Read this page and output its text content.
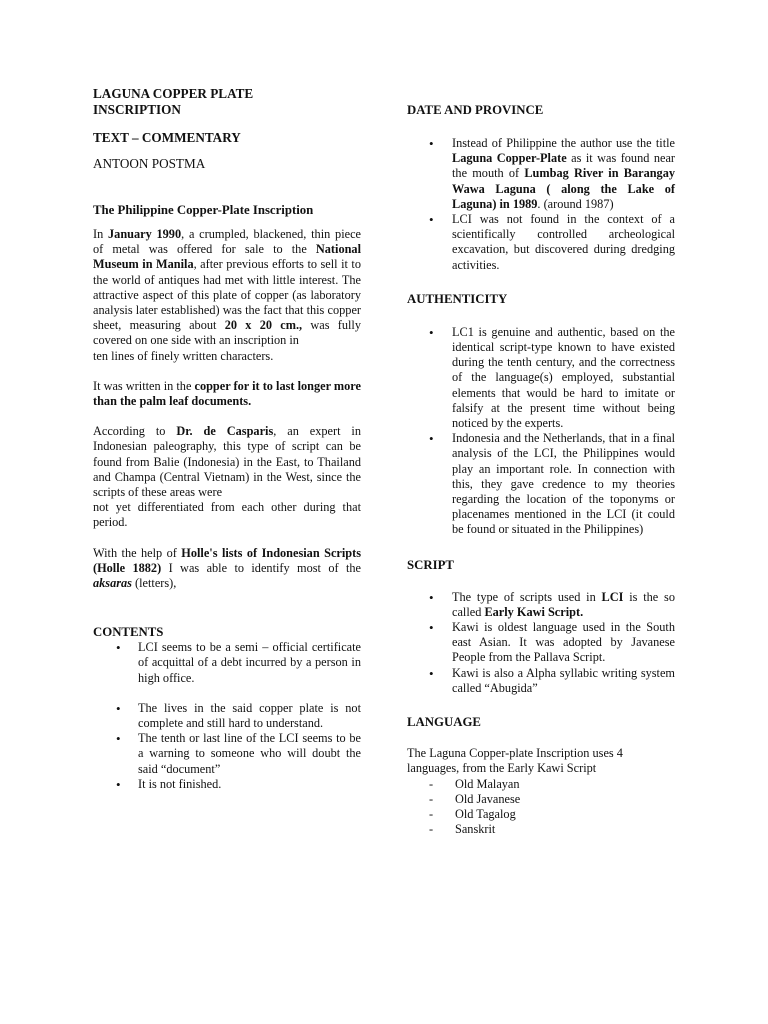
LAGUNA COPPER PLATE
INSCRIPTION
TEXT – COMMENTARY
ANTOON POSTMA
The Philippine Copper-Plate Inscription

In January 1990, a crumpled, blackened, thin piece of metal was offered for sale to the National Museum in Manila, after previous efforts to sell it to the world of antiques had met with little interest. The attractive aspect of this plate of copper (as laboratory analysis later established) was the fact that this copper sheet, measuring about 20 x 20 cm., was fully covered on one side with an inscription in

ten lines of finely written characters.

It was written in the copper for it to last longer more than the palm leaf documents.

According to Dr. de Casparis, an expert in Indonesian paleography, this type of script can be found from Balie (Indonesia) in the East, to Thailand and Champa (Central Vietnam) in the West, since the scripts of these areas were

not yet differentiated from each other during that period.

With the help of Holle's lists of Indonesian Scripts (Holle 1882) I was able to identify most of the aksaras (letters),

CONTENTS
• LCI seems to be a semi – official certificate of acquittal of a debt incurred by a person in high office.
• The lives in the said copper plate is not complete and still hard to understand.
• The tenth or last line of the LCI seems to be a warning to someone who will doubt the said “document”
• It is not finished.
DATE AND PROVINCE
• Instead of Philippine the author use the title Laguna Copper-Plate as it was found near the mouth of Lumbag River in Barangay Wawa Laguna ( along the Lake of Laguna) in 1989. (around 1987)
• LCI was not found in the context of a scientifically controlled archeological excavation, but discovered during dredging activities.
AUTHENTICITY
• LC1 is genuine and authentic, based on the identical script-type known to have existed during the tenth century, and the correctness of the language(s) employed, substantial elements that would be hard to imitate or falsify at the present time without being noticed by the experts.
• Indonesia and the Netherlands, that in a final analysis of the LCI, the Philippines would play an important role. In connection with this, they gave credence to my theories regarding the location of the toponyms or placenames mentioned in the LCI (it could be found or situated in the Philippines)
SCRIPT
• The type of scripts used in LCI is the so called Early Kawi Script.
• Kawi is oldest language used in the South east Asian. It was adopted by Javanese People from the Pallava Script.
• Kawi is also a Alpha syllabic writing system called “Abugida”
LANGUAGE

The Laguna Copper-plate Inscription uses 4 languages, from the Early Kawi Script

- Old Malayan
- Old Javanese
- Old Tagalog
- Sanskrit
